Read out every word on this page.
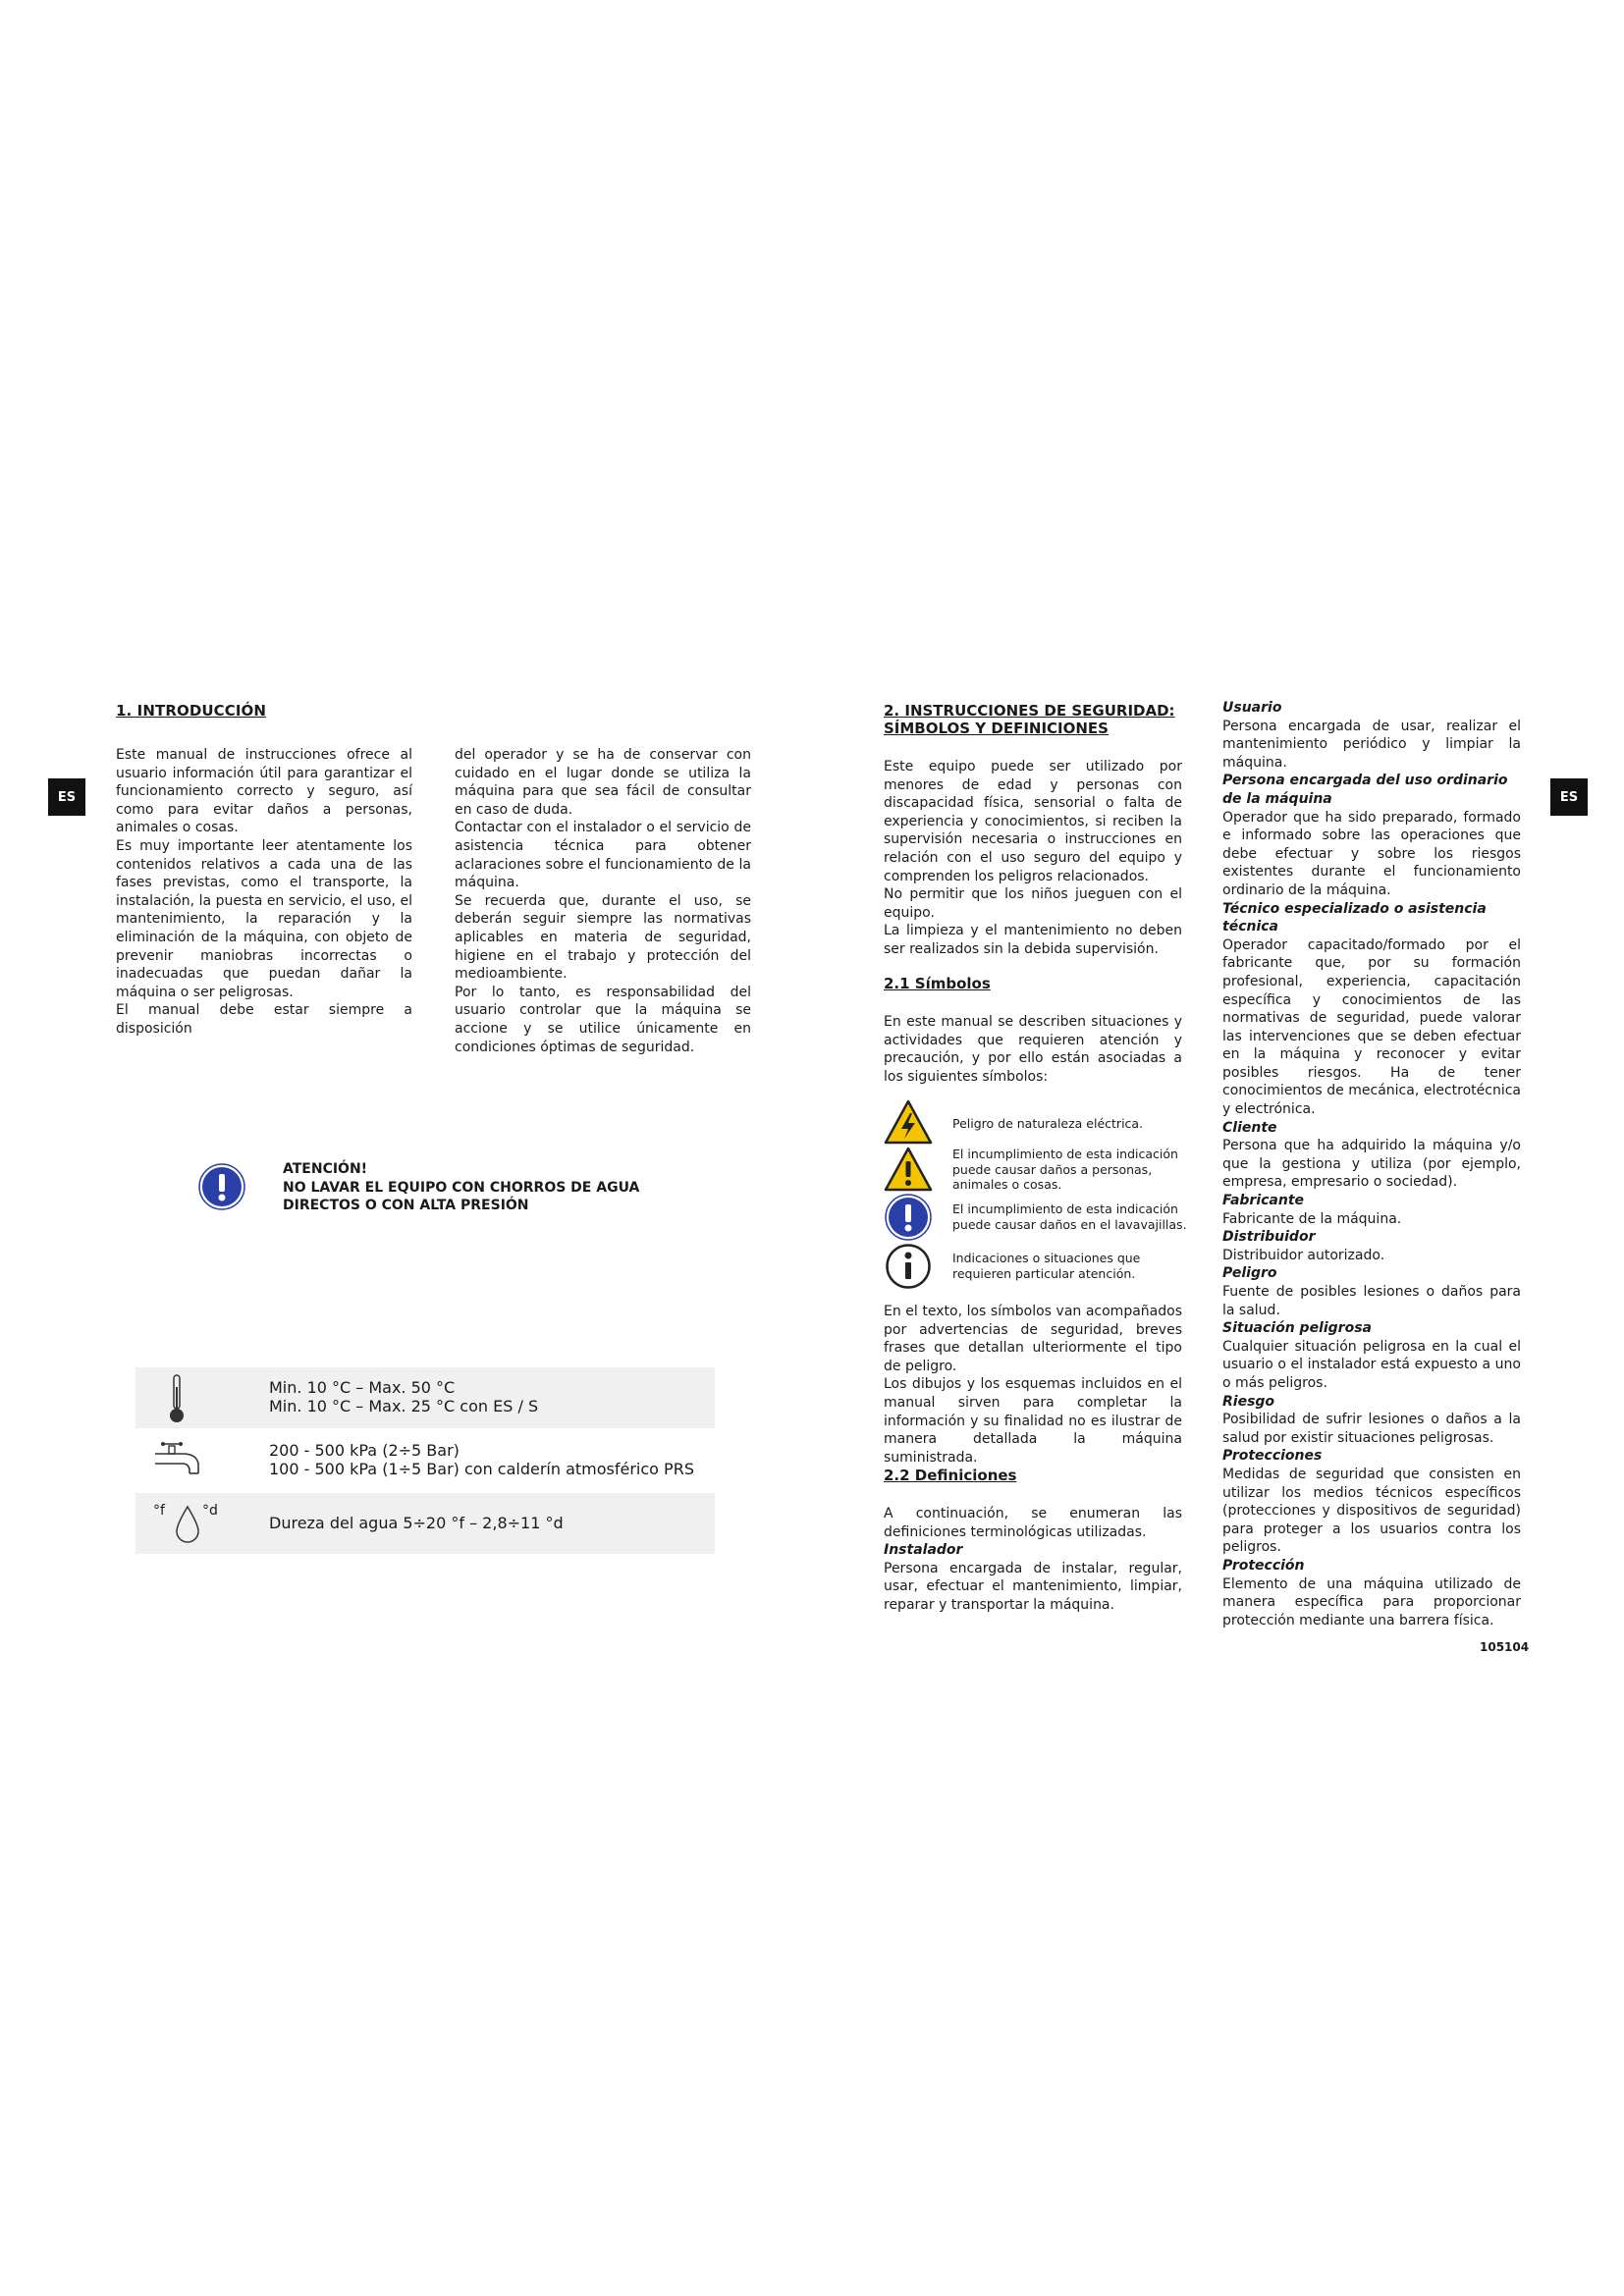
ES	ES
1. INTRODUCCIÓN

Este manual de instrucciones ofrece al usuario información útil para garantizar el funcionamiento correcto y seguro, así como para evitar daños a personas, animales o cosas.

Es muy importante leer atentamente los contenidos relativos a cada una de las fases previstas, como el transporte, la instalación, la puesta en servicio, el uso, el mantenimiento, la reparación y la eliminación de la máquina, con objeto de prevenir maniobras incorrectas o inadecuadas que puedan dañar la máquina o ser peligrosas.

El manual debe estar siempre a disposición

del operador y se ha de conservar con cuidado en el lugar donde se utiliza la máquina para que sea fácil de consultar en caso de duda.

Contactar con el instalador o el servicio de asistencia técnica para obtener aclaraciones sobre el funcionamiento de la máquina.

Se recuerda que, durante el uso, se deberán seguir siempre las normativas aplicables en materia de seguridad, higiene en el trabajo y protección del medioambiente.

Por lo tanto, es responsabilidad del usuario controlar que la máquina se accione y se utilice únicamente en condiciones óptimas de seguridad.

ATENCIÓN!
NO LAVAR EL EQUIPO CON CHORROS DE AGUA
DIRECTOS O CON ALTA PRESIÓN
Min. 10 °C – Max. 50 °C
Min. 10 °C – Max. 25 °C con ES / S
200 - 500 kPa (2÷5 Bar)
100 - 500 kPa (1÷5 Bar) con calderín atmosférico PRS
°f	°d
Dureza del agua 5÷20 °f – 2,8÷11 °d
2. INSTRUCCIONES DE SEGURIDAD:
SÍMBOLOS Y DEFINICIONES

Este equipo puede ser utilizado por menores de edad y personas con discapacidad física, sensorial o falta de experiencia y conocimientos, si reciben la supervisión necesaria o instrucciones en relación con el uso seguro del equipo y comprenden los peligros relacionados.

No permitir que los niños jueguen con el equipo.

La limpieza y el mantenimiento no deben ser realizados sin la debida supervisión.

2.1 Símbolos
En este manual se describen situaciones y actividades que requieren atención y precaución, y por ello están asociadas a los siguientes símbolos:
Peligro de naturaleza eléctrica.
El incumplimiento de esta indicación puede causar daños a personas, animales o cosas.
El incumplimiento de esta indicación puede causar daños en el lavavajillas.
Indicaciones o situaciones que requieren particular atención.

En el texto, los símbolos van acompañados por advertencias de seguridad, breves frases que detallan ulteriormente el tipo de peligro.

Los dibujos y los esquemas incluidos en el manual sirven para completar la información y su finalidad no es ilustrar de manera detallada la máquina suministrada.

2.2 Definiciones

A continuación, se enumeran las definiciones terminológicas utilizadas.

Instalador

Persona encargada de instalar, regular, usar, efectuar el mantenimiento, limpiar, reparar y transportar la máquina.

Usuario

Persona encargada de usar, realizar el mantenimiento periódico y limpiar la máquina.

Persona encargada del uso ordinario de la máquina

Operador que ha sido preparado, formado e informado sobre las operaciones que debe efectuar y sobre los riesgos existentes durante el funcionamiento ordinario de la máquina.

Técnico especializado o asistencia técnica

Operador capacitado/formado por el fabricante que, por su formación profesional, experiencia, capacitación específica y conocimientos de las normativas de seguridad, puede valorar las intervenciones que se deben efectuar en la máquina y reconocer y evitar posibles riesgos. Ha de tener conocimientos de mecánica, electrotécnica y electrónica.

Cliente

Persona que ha adquirido la máquina y/o que la gestiona y utiliza (por ejemplo, empresa, empresario o sociedad).

Fabricante

Fabricante de la máquina.

Distribuidor

Distribuidor autorizado.

Peligro

Fuente de posibles lesiones o daños para la salud.

Situación peligrosa

Cualquier situación peligrosa en la cual el usuario o el instalador está expuesto a uno o más peligros.

Riesgo

Posibilidad de sufrir lesiones o daños a la salud por existir situaciones peligrosas.

Protecciones

Medidas de seguridad que consisten en utilizar los medios técnicos específicos (protecciones y dispositivos de seguridad) para proteger a los usuarios contra los peligros.

Protección

Elemento de una máquina utilizado de manera específica para proporcionar protección mediante una barrera física.

105104
